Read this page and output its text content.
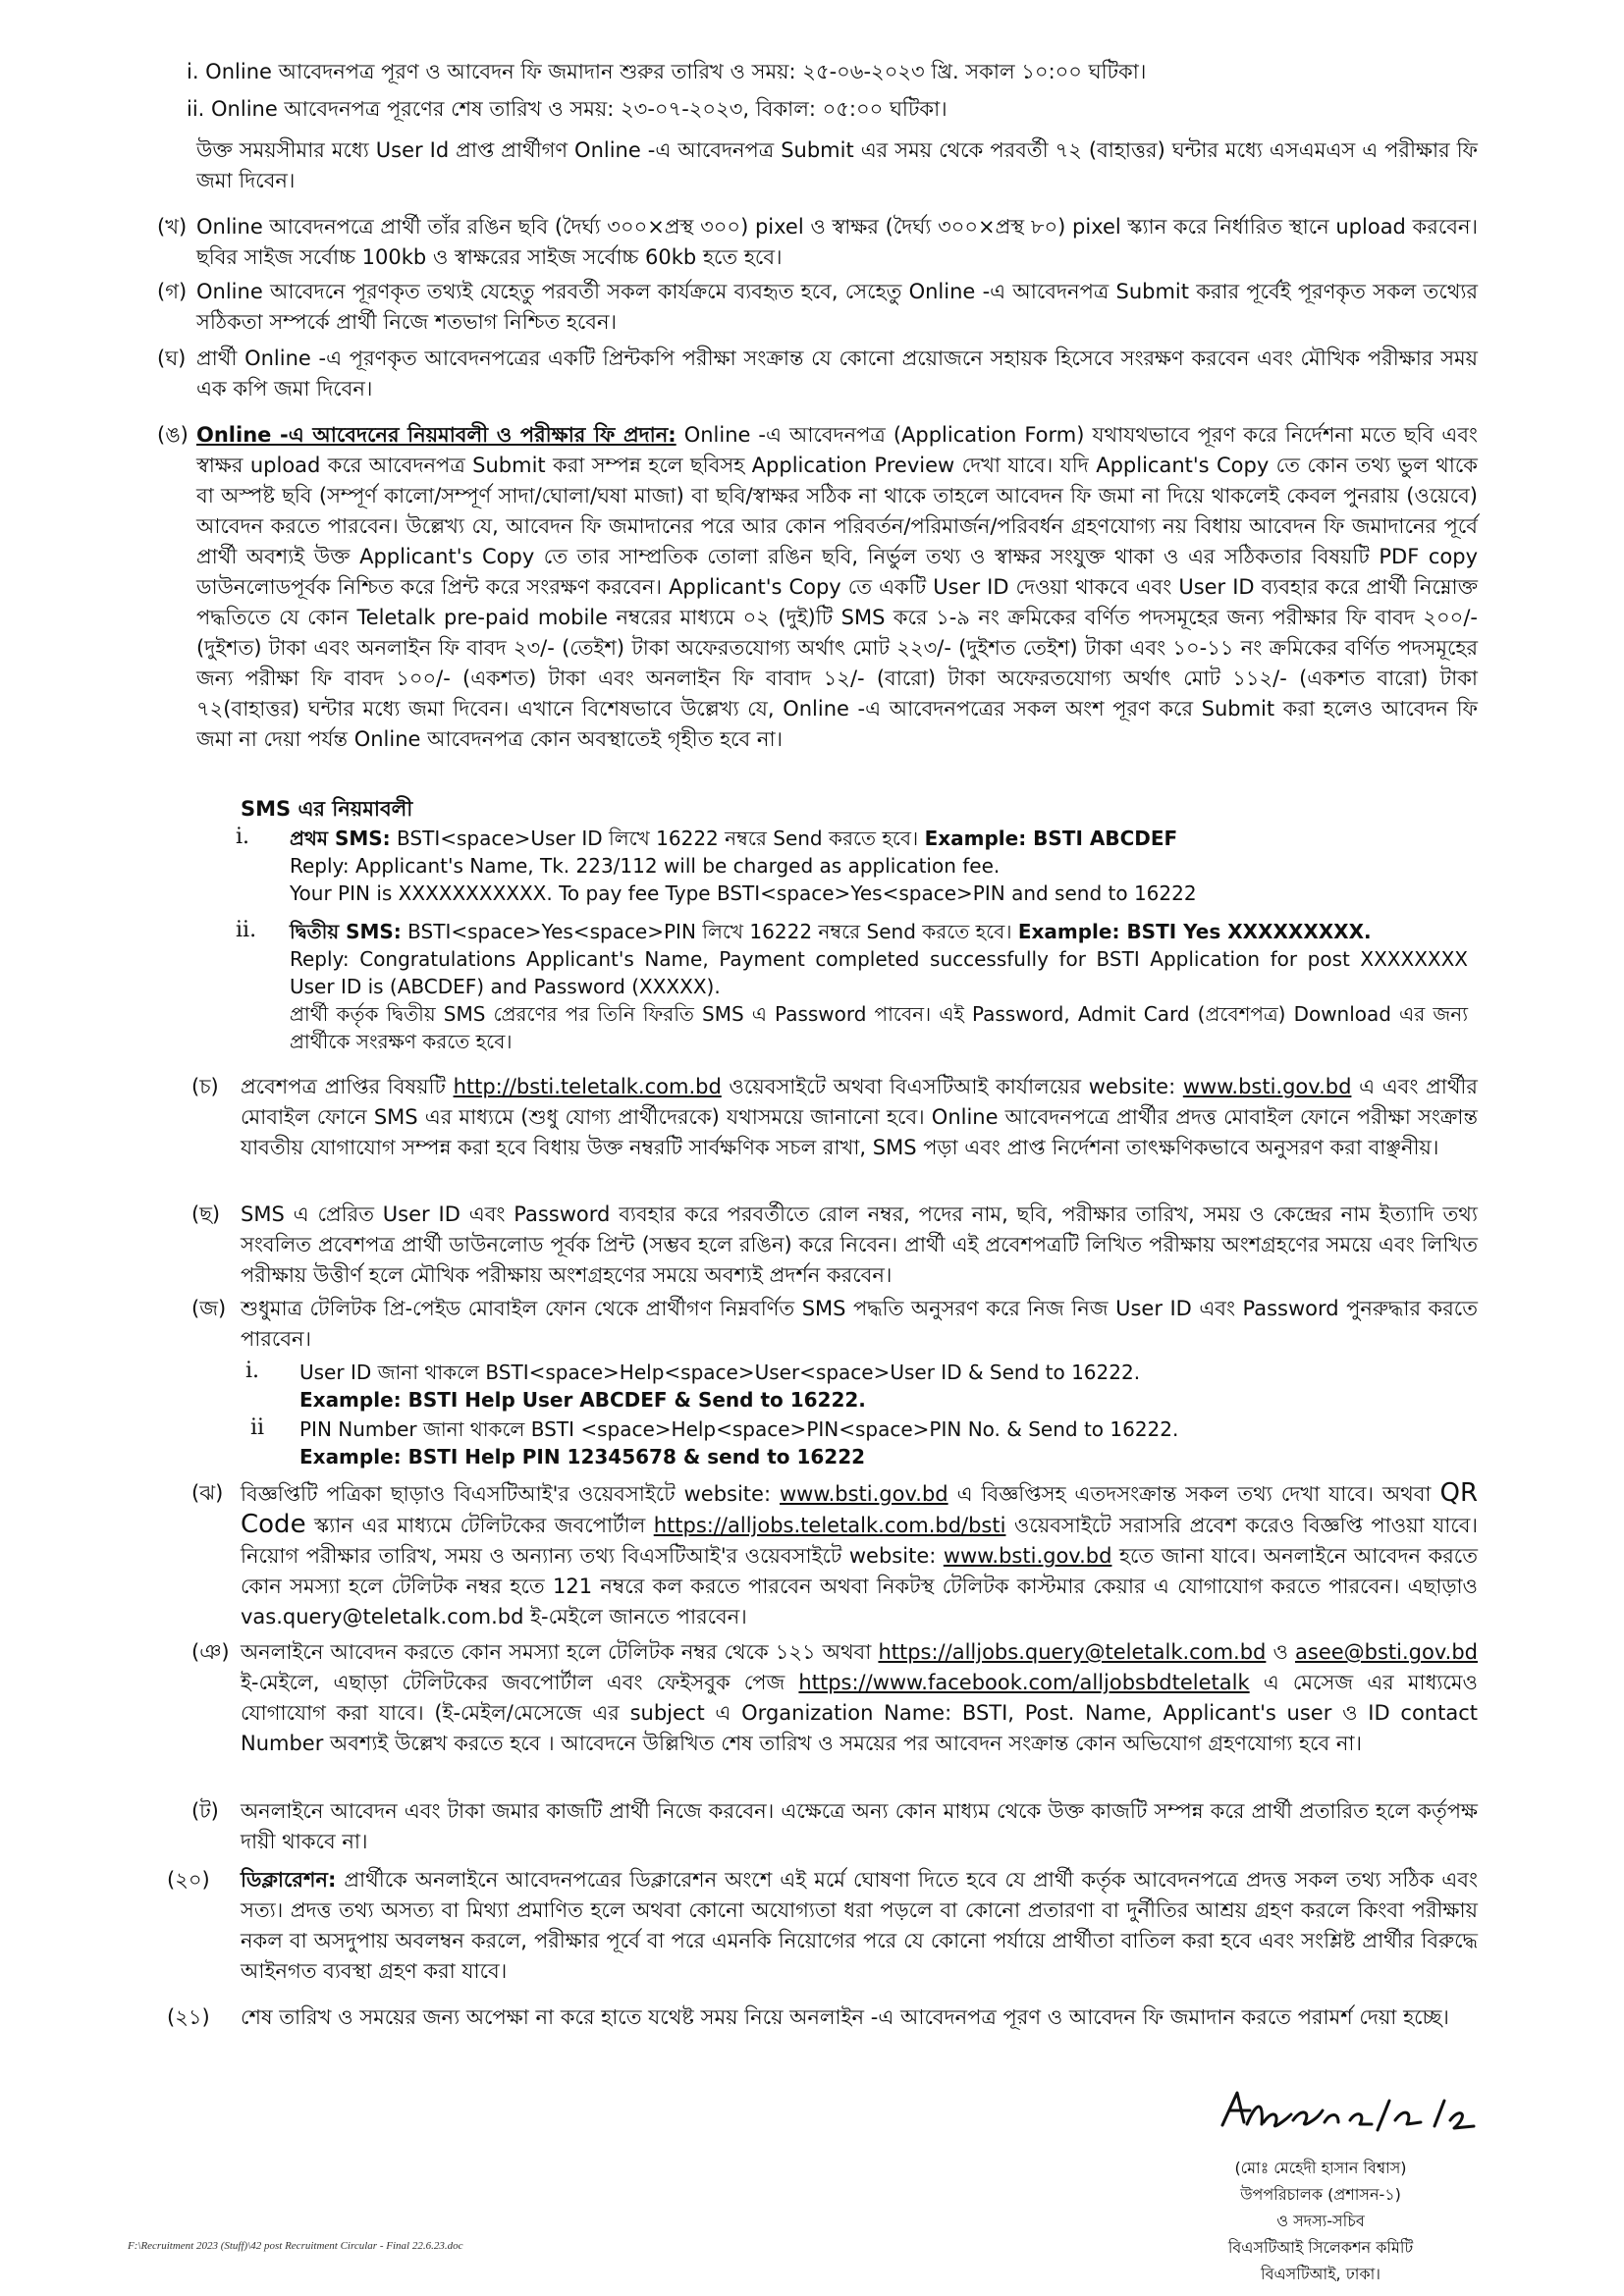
i. Online আবেদনপত্র পূরণ ও আবেদন ফি জমাদান শুরুর তারিখ ও সময়: ২৫-০৬-২০২৩ খ্রি. সকাল ১০:০০ ঘটিকা।
ii. Online আবেদনপত্র পূরণের শেষ তারিখ ও সময়: ২৩-০৭-২০২৩, বিকাল: ০৫:০০ ঘটিকা।
উক্ত সময়সীমার মধ্যে User Id প্রাপ্ত প্রার্থীগণ Online -এ আবেদনপত্র Submit এর সময় থেকে পরবর্তী ৭২ (বাহাত্তর) ঘন্টার মধ্যে এসএমএস এ পরীক্ষার ফি জমা দিবেন।
(খ) Online আবেদনপত্রে প্রার্থী তাঁর রঙিন ছবি (দৈর্ঘ্য ৩০০×প্রস্থ ৩০০) pixel ও স্বাক্ষর (দৈর্ঘ্য ৩০০×প্রস্থ ৮০) pixel স্ক্যান করে নির্ধারিত স্থানে upload করবেন। ছবির সাইজ সর্বোচ্চ 100kb ও স্বাক্ষরের সাইজ সর্বোচ্চ 60kb হতে হবে।
(গ) Online আবেদনে পূরণকৃত তথ্যই যেহেতু পরবর্তী সকল কার্যক্রমে ব্যবহৃত হবে, সেহেতু Online -এ আবেদনপত্র Submit করার পূর্বেই পূরণকৃত সকল তথ্যের সঠিকতা সম্পর্কে প্রার্থী নিজে শতভাগ নিশ্চিত হবেন।
(ঘ) প্রার্থী Online -এ পূরণকৃত আবেদনপত্রের একটি প্রিন্টকপি পরীক্ষা সংক্রান্ত যে কোনো প্রয়োজনে সহায়ক হিসেবে সংরক্ষণ করবেন এবং মৌখিক পরীক্ষার সময় এক কপি জমা দিবেন।
(ঙ) Online -এ আবেদনের নিয়মাবলী ও পরীক্ষার ফি প্রদান: Online -এ আবেদনপত্র (Application Form) যথাযথভাবে পূরণ করে নির্দেশনা মতে ছবি এবং স্বাক্ষর upload করে আবেদনপত্র Submit করা সম্পন্ন হলে ছবিসহ Application Preview দেখা যাবে। যদি Applicant's Copy তে কোন তথ্য ভুল থাকে বা অস্পষ্ট ছবি (সম্পূর্ণ কালো/সম্পূর্ণ সাদা/ঘোলা/ঘষা মাজা) বা ছবি/স্বাক্ষর সঠিক না থাকে তাহলে আবেদন ফি জমা না দিয়ে থাকলেই কেবল পুনরায় (ওয়েবে) আবেদন করতে পারবেন। উল্লেখ্য যে, আবেদন ফি জমাদানের পরে আর কোন পরিবর্তন/পরিমার্জন/পরিবর্ধন গ্রহণযোগ্য নয় বিধায় আবেদন ফি জমাদানের পূর্বে প্রার্থী অবশ্যই উক্ত Applicant's Copy তে তার সাম্প্রতিক তোলা রঙিন ছবি, নির্ভুল তথ্য ও স্বাক্ষর সংযুক্ত থাকা ও এর সঠিকতার বিষয়টি PDF copy ডাউনলোডপূর্বক নিশ্চিত করে প্রিন্ট করে সংরক্ষণ করবেন। Applicant's Copy তে একটি User ID দেওয়া থাকবে এবং User ID ব্যবহার করে প্রার্থী নিম্নোক্ত পদ্ধতিতে যে কোন Teletalk pre-paid mobile নম্বরের মাধ্যমে ০২ (দুই)টি SMS করে ১-৯ নং ক্রমিকের বর্ণিত পদসমূহের জন্য পরীক্ষার ফি বাবদ ২০০/- (দুইশত) টাকা এবং অনলাইন ফি বাবদ ২৩/- (তেইশ) টাকা অফেরতযোগ্য অর্থাৎ মোট ২২৩/- (দুইশত তেইশ) টাকা এবং ১০-১১ নং ক্রমিকের বর্ণিত পদসমূহের জন্য পরীক্ষা ফি বাবদ ১০০/- (একশত) টাকা এবং অনলাইন ফি বাবাদ ১২/- (বারো) টাকা অফেরতযোগ্য অর্থাৎ মোট ১১২/- (একশত বারো) টাকা ৭২(বাহাত্তর) ঘন্টার মধ্যে জমা দিবেন। এখানে বিশেষভাবে উল্লেখ্য যে, Online -এ আবেদনপত্রের সকল অংশ পূরণ করে Submit করা হলেও আবেদন ফি জমা না দেয়া পর্যন্ত Online আবেদনপত্র কোন অবস্থাতেই গৃহীত হবে না।
SMS এর নিয়মাবলী
i. প্রথম SMS: BSTI<space>User ID লিখে 16222 নম্বরে Send করতে হবে। Example: BSTI ABCDEF

Reply: Applicant's Name, Tk. 223/112 will be charged as application fee.

Your PIN is XXXXXXXXXXX. To pay fee Type BSTI<space>Yes<space>PIN and send to 16222

ii. দ্বিতীয় SMS: BSTI<space>Yes<space>PIN লিখে 16222 নম্বরে Send করতে হবে। Example: BSTI Yes XXXXXXXXX.

Reply: Congratulations Applicant's Name, Payment completed successfully for BSTI Application for post XXXXXXXX User ID is (ABCDEF) and Password (XXXXX).

প্রার্থী কর্তৃক দ্বিতীয় SMS প্রেরণের পর তিনি ফিরতি SMS এ Password পাবেন। এই Password, Admit Card (প্রবেশপত্র) Download এর জন্য প্রার্থীকে সংরক্ষণ করতে হবে।

(চ) প্রবেশপত্র প্রাপ্তির বিষয়টি http://bsti.teletalk.com.bd ওয়েবসাইটে অথবা বিএসটিআই কার্যালয়ের website: www.bsti.gov.bd এ এবং প্রার্থীর মোবাইল ফোনে SMS এর মাধ্যমে (শুধু যোগ্য প্রার্থীদেরকে) যথাসময়ে জানানো হবে। Online আবেদনপত্রে প্রার্থীর প্রদত্ত মোবাইল ফোনে পরীক্ষা সংক্রান্ত যাবতীয় যোগাযোগ সম্পন্ন করা হবে বিধায় উক্ত নম্বরটি সার্বক্ষণিক সচল রাখা, SMS পড়া এবং প্রাপ্ত নির্দেশনা তাৎক্ষণিকভাবে অনুসরণ করা বাঞ্ছনীয়।
(ছ) SMS এ প্রেরিত User ID এবং Password ব্যবহার করে পরবর্তীতে রোল নম্বর, পদের নাম, ছবি, পরীক্ষার তারিখ, সময় ও কেন্দ্রের নাম ইত্যাদি তথ্য সংবলিত প্রবেশপত্র প্রার্থী ডাউনলোড পূর্বক প্রিন্ট (সম্ভব হলে রঙিন) করে নিবেন। প্রার্থী এই প্রবেশপত্রটি লিখিত পরীক্ষায় অংশগ্রহণের সময়ে এবং লিখিত পরীক্ষায় উত্তীর্ণ হলে মৌখিক পরীক্ষায় অংশগ্রহণের সময়ে অবশ্যই প্রদর্শন করবেন।
(জ) শুধুমাত্র টেলিটক প্রি-পেইড মোবাইল ফোন থেকে প্রার্থীগণ নিম্নবর্ণিত SMS পদ্ধতি অনুসরণ করে নিজ নিজ User ID এবং Password পুনরুদ্ধার করতে পারবেন।
i. User ID জানা থাকলে BSTI<space>Help<space>User<space>User ID & Send to 16222.

Example: BSTI Help User ABCDEF & Send to 16222.

ii PIN Number জানা থাকলে BSTI <space>Help<space>PIN<space>PIN No. & Send to 16222.

Example: BSTI Help PIN 12345678 & send to 16222

(ঝ) বিজ্ঞপ্তিটি পত্রিকা ছাড়াও বিএসটিআই'র ওয়েবসাইটে website: www.bsti.gov.bd এ বিজ্ঞপ্তিসহ এতদসংক্রান্ত সকল তথ্য দেখা যাবে। অথবা QR Code স্ক্যান এর মাধ্যমে টেলিটকের জবপোর্টাল https://alljobs.teletalk.com.bd/bsti ওয়েবসাইটে সরাসরি প্রবেশ করেও বিজ্ঞপ্তি পাওয়া যাবে। নিয়োগ পরীক্ষার তারিখ, সময় ও অন্যান্য তথ্য বিএসটিআই'র ওয়েবসাইটে website: www.bsti.gov.bd হতে জানা যাবে। অনলাইনে আবেদন করতে কোন সমস্যা হলে টেলিটক নম্বর হতে 121 নম্বরে কল করতে পারবেন অথবা নিকটস্থ টেলিটক কাস্টমার কেয়ার এ যোগাযোগ করতে পারবেন। এছাড়াও vas.query@teletalk.com.bd ই-মেইলে জানতে পারবেন।
(ঞ) অনলাইনে আবেদন করতে কোন সমস্যা হলে টেলিটক নম্বর থেকে ১২১ অথবা https://alljobs.query@teletalk.com.bd ও asee@bsti.gov.bd ই-মেইলে, এছাড়া টেলিটকের জবপোর্টাল এবং ফেইসবুক পেজ https://www.facebook.com/alljobsbdteletalk এ মেসেজ এর মাধ্যমেও যোগাযোগ করা যাবে। (ই-মেইল/মেসেজে এর subject এ Organization Name: BSTI, Post. Name, Applicant's user ও ID contact Number অবশ্যই উল্লেখ করতে হবে । আবেদনে উল্লিখিত শেষ তারিখ ও সময়ের পর আবেদন সংক্রান্ত কোন অভিযোগ গ্রহণযোগ্য হবে না।
(ট) অনলাইনে আবেদন এবং টাকা জমার কাজটি প্রার্থী নিজে করবেন। এক্ষেত্রে অন্য কোন মাধ্যম থেকে উক্ত কাজটি সম্পন্ন করে প্রার্থী প্রতারিত হলে কর্তৃপক্ষ দায়ী থাকবে না।
(২০) ডিক্লারেশন: প্রার্থীকে অনলাইনে আবেদনপত্রের ডিক্লারেশন অংশে এই মর্মে ঘোষণা দিতে হবে যে প্রার্থী কর্তৃক আবেদনপত্রে প্রদত্ত সকল তথ্য সঠিক এবং সত্য। প্রদত্ত তথ্য অসত্য বা মিথ্যা প্রমাণিত হলে অথবা কোনো অযোগ্যতা ধরা পড়লে বা কোনো প্রতারণা বা দুর্নীতির আশ্রয় গ্রহণ করলে কিংবা পরীক্ষায় নকল বা অসদুপায় অবলম্বন করলে, পরীক্ষার পূর্বে বা পরে এমনকি নিয়োগের পরে যে কোনো পর্যায়ে প্রার্থীতা বাতিল করা হবে এবং সংশ্লিষ্ট প্রার্থীর বিরুদ্ধে আইনগত ব্যবস্থা গ্রহণ করা যাবে।
(২১) শেষ তারিখ ও সময়ের জন্য অপেক্ষা না করে হাতে যথেষ্ট সময় নিয়ে অনলাইন -এ আবেদনপত্র পূরণ ও আবেদন ফি জমাদান করতে পরামর্শ দেয়া হচ্ছে।
F:\Recruitment 2023 (Stuff)\42 post Recruitment Circular - Final 22.6.23.doc
(মোঃ মেহেদী হাসান বিশ্বাস)
উপপরিচালক (প্রশাসন-১)
ও সদস্য-সচিব
বিএসটিআই সিলেকশন কমিটি
বিএসটিআই, ঢাকা।
